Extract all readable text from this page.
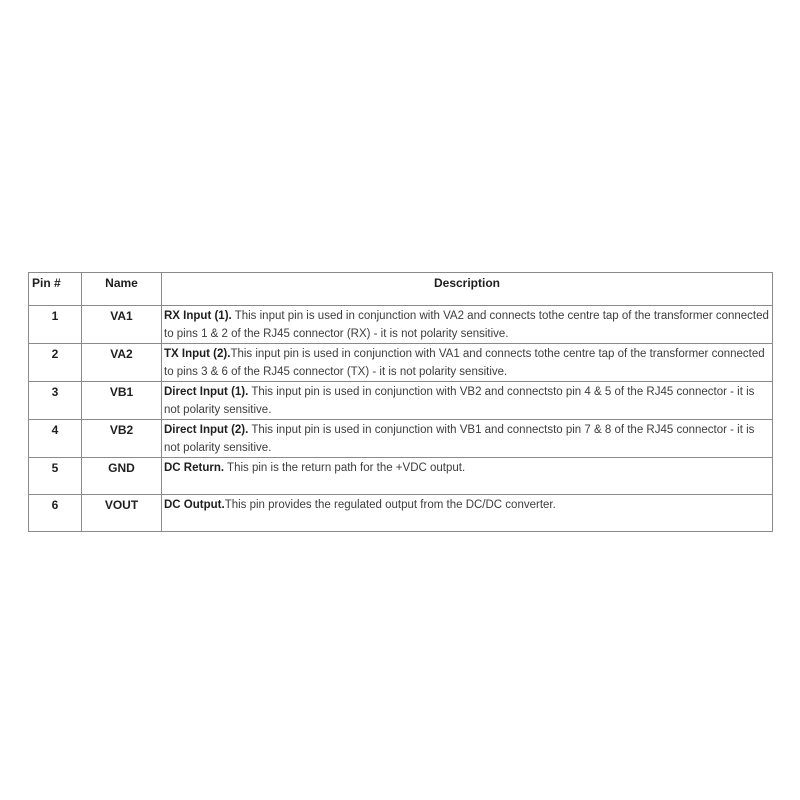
Pin #	Name	Description
1	VA1	RX Input (1). This input pin is used in conjunction with VA2 and connects tothe centre tap of the transformer connected to pins 1 & 2 of the RJ45 connector (RX) - it is not polarity sensitive.
2	VA2	TX Input (2).This input pin is used in conjunction with VA1 and connects tothe centre tap of the transformer connected to pins 3 & 6 of the RJ45 connector (TX) - it is not polarity sensitive.
3	VB1	Direct Input (1). This input pin is used in conjunction with VB2 and connectsto pin 4 & 5 of the RJ45 connector - it is not polarity sensitive.
4	VB2	Direct Input (2). This input pin is used in conjunction with VB1 and connectsto pin 7 & 8 of the RJ45 connector - it is not polarity sensitive.
5	GND	DC Return. This pin is the return path for the +VDC output.
6	VOUT	DC Output.This pin provides the regulated output from the DC/DC converter.
